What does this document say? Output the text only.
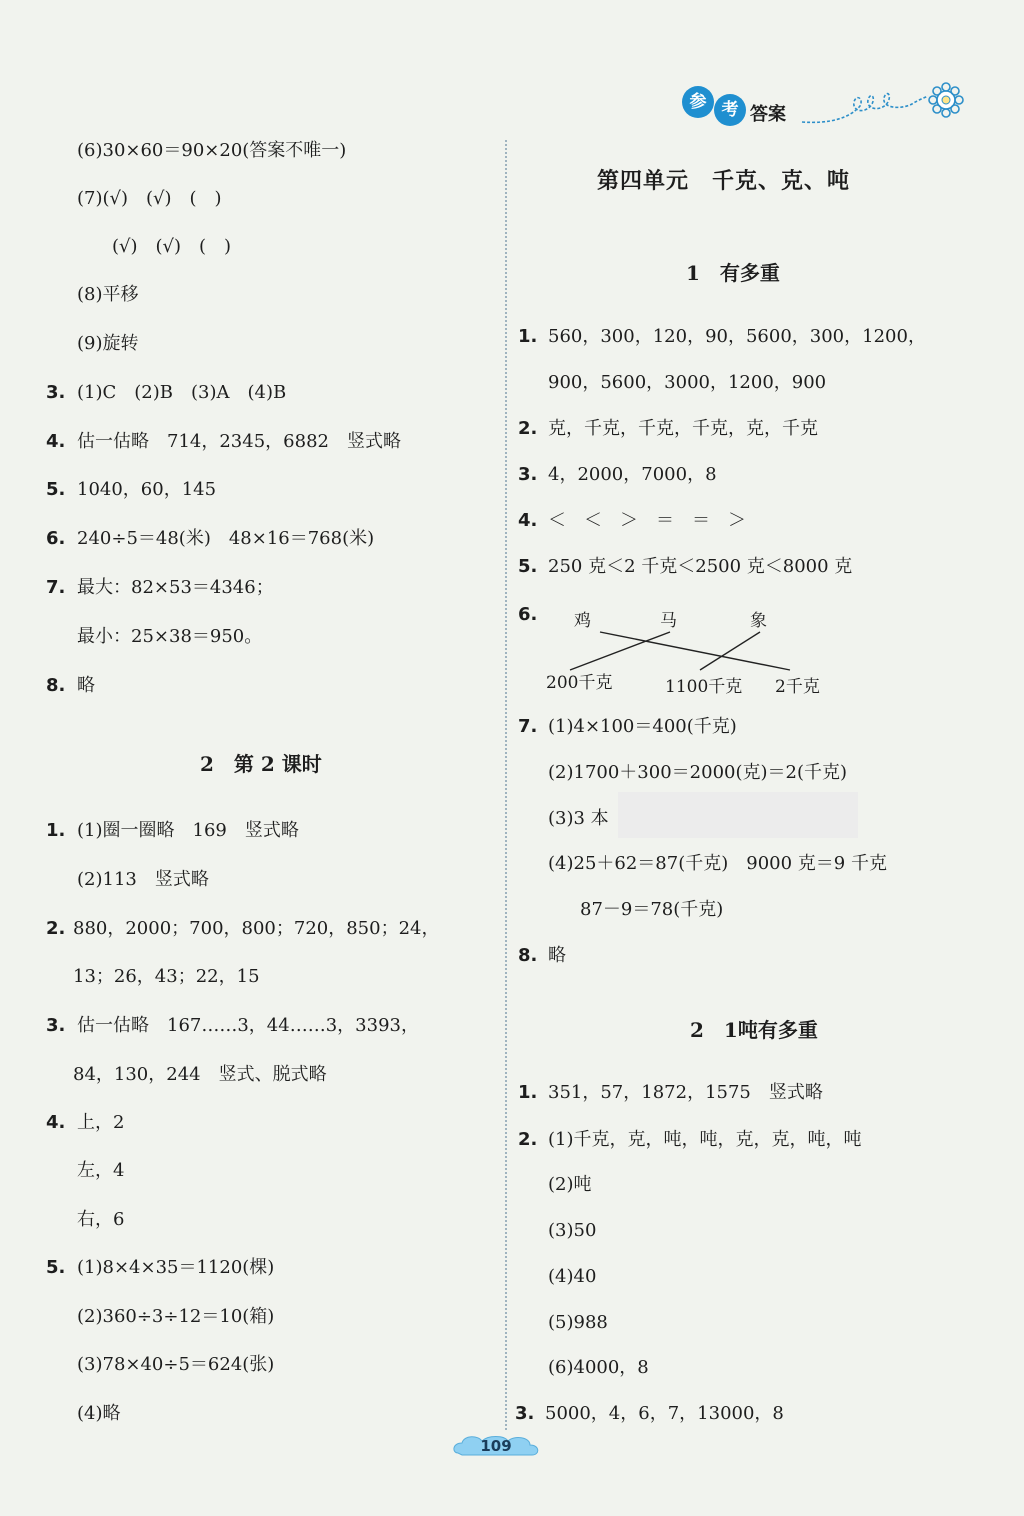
参 考 答案
(6)30×60＝90×20(答案不唯一)
(7)(√)　(√)　(　)
(√)　(√)　(　)
(8)平移
(9)旋转
3. (1)C　(2)B　(3)A　(4)B
4. 估一估略　714，2345，6882　竖式略
5. 1040，60，145
6. 240÷5＝48(米)　48×16＝768(米)
7. 最大：82×53＝4346；
最小：25×38＝950。
8. 略
2　第 2 课时
1. (1)圈一圈略　169　竖式略
(2)113　竖式略
2. 880，2000；700，800；720，850；24，
13；26，43；22，15
3. 估一估略　167……3，44……3，3393，
84，130，244　竖式、脱式略
4. 上，2
左，4
右，6
5. (1)8×4×35＝1120(棵)
(2)360÷3÷12＝10(箱)
(3)78×40÷5＝624(张)
(4)略
第四单元　千克、克、吨
1　有多重
1. 560，300，120，90，5600，300，1200，
900，5600，3000，1200，900
2. 克，千克，千克，千克，克，千克
3. 4，2000，7000，8
4. ＜　＜　＞　＝　＝　＞
5. 250 克＜2 千克＜2500 克＜8000 克
6. 鸡	马	象
200千克	1100千克 2千克
7. (1)4×100＝400(千克)
(2)1700＋300＝2000(克)＝2(千克)
(3)3 本
(4)25＋62＝87(千克)　9000 克＝9 千克
87－9＝78(千克)
8. 略
2　1吨有多重
1. 351，57，1872，1575　竖式略
2. (1)千克，克，吨，吨，克，克，吨，吨
(2)吨
(3)50
(4)40
(5)988
(6)4000，8
3. 5000，4，6，7，13000，8
109
